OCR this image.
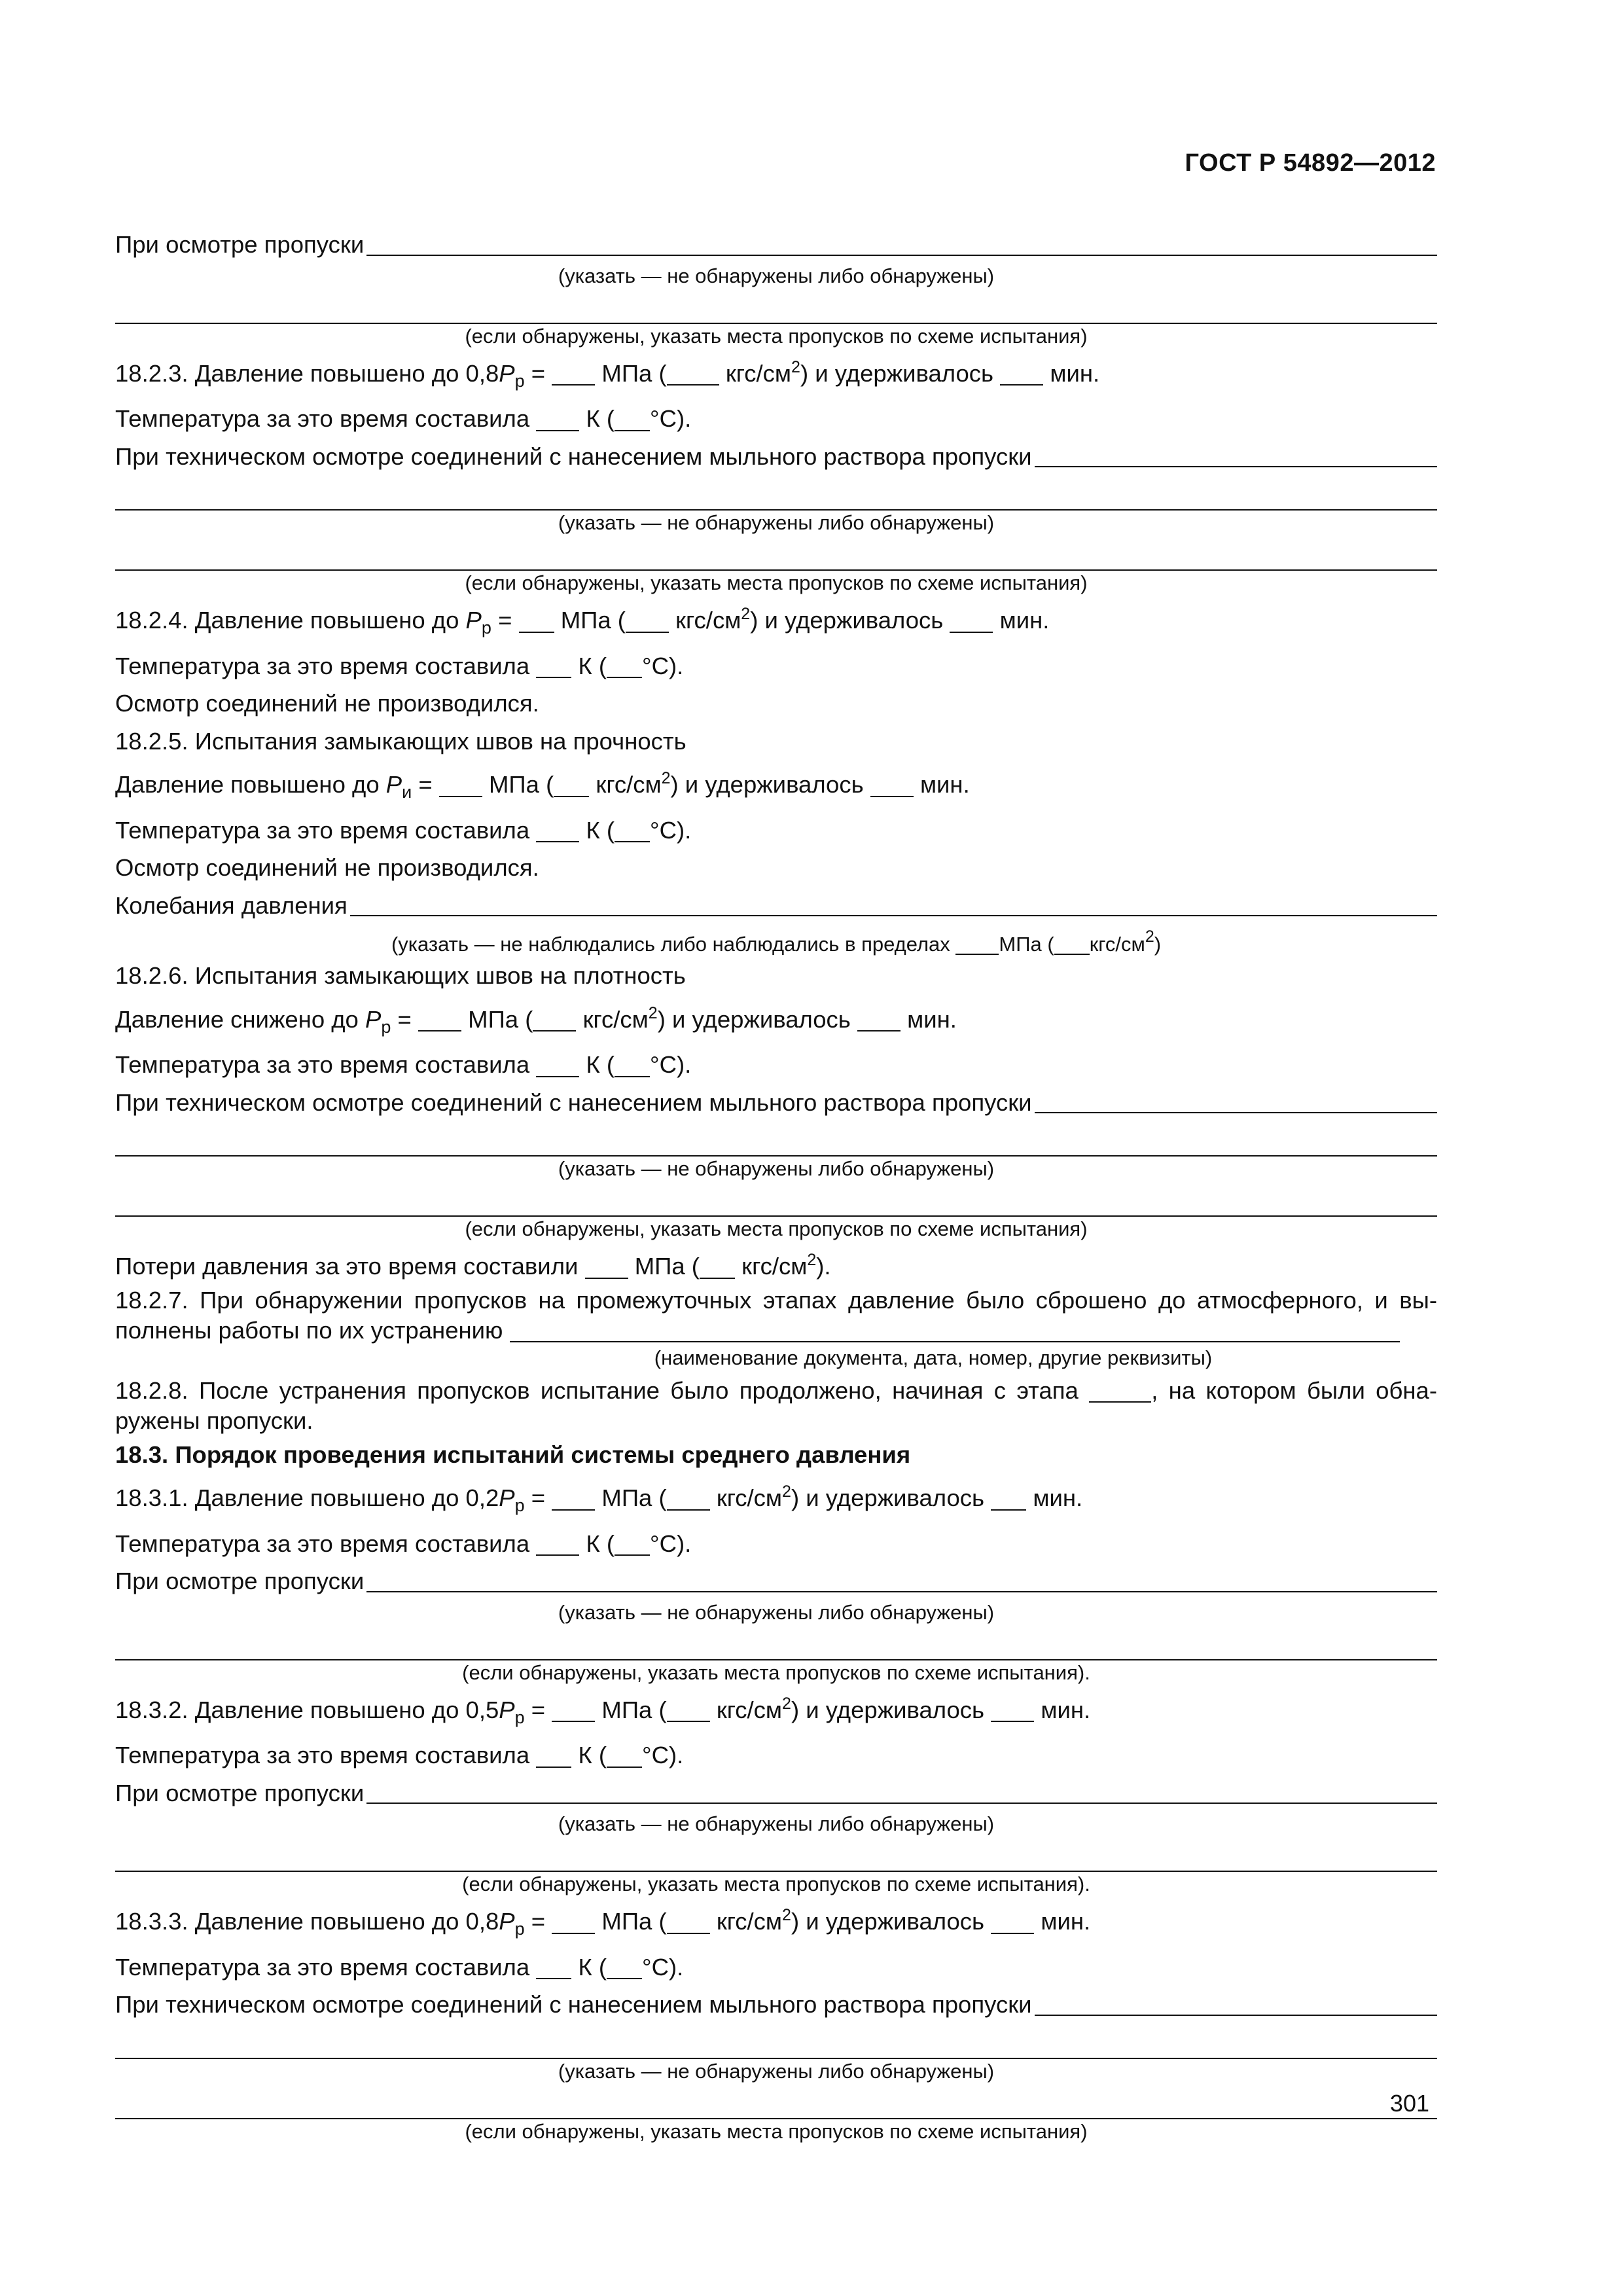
ГОСТ Р 54892—2012
При осмотре пропуски
(указать — не обнаружены либо обнаружены)
(если обнаружены, указать места пропусков по схеме испытания)
18.2.3. Давление повышено до $0,8P_р$ =  МПа ( кгс/$см^2$) и удерживалось мин.
Температура за это время составила К ( °С).
При техническом осмотре соединений с нанесением мыльного раствора пропуски
(указать — не обнаружены либо обнаружены)
(если обнаружены, указать места пропусков по схеме испытания)
18.2.4. Давление повышено до $P_р$ =  МПа ( кгс/$см^2$) и удерживалось мин.
Температура за это время составила К ( °С).
Осмотр соединений не производился.
18.2.5. Испытания замыкающих швов на прочность
Давление повышено до $P_и$ =  МПа ( кгс/$см^2$) и удерживалось мин.
Температура за это время составила К ( °С).
Осмотр соединений не производился.
Колебания давления
(указать — не наблюдались либо наблюдались в пределах МПа ( кгс/$см^2$)
18.2.6. Испытания замыкающих швов на плотность
Давление снижено до $P_р$ =  МПа ( кгс/$см^2$) и удерживалось мин.
Температура за это время составила К ( °С).
При техническом осмотре соединений с нанесением мыльного раствора пропуски
(указать — не обнаружены либо обнаружены)
(если обнаружены, указать места пропусков по схеме испытания)
Потери давления за это время составили МПа ( кгс/$см^2$).
18.2.7. При обнаружении пропусков на промежуточных этапах давление было сброшено до атмосферного, и вы-полнены работы по их устранению
(наименование документа, дата, номер, другие реквизиты)
18.2.8. После устранения пропусков испытание было продолжено, начиная с этапа	, на котором были обна-ружены пропуски.
18.3. Порядок проведения испытаний системы среднего давления
18.3.1. Давление повышено до $0,2P_р$ =  МПа ( кгс/$см^2$) и удерживалось мин.
Температура за это время составила К ( °С).
При осмотре пропуски
(указать — не обнаружены либо обнаружены)
(если обнаружены, указать места пропусков по схеме испытания).
18.3.2. Давление повышено до $0,5P_р$ =  МПа ( кгс/$см^2$) и удерживалось мин.
Температура за это время составила К ( °С).
При осмотре пропуски
(указать — не обнаружены либо обнаружены)
(если обнаружены, указать места пропусков по схеме испытания).
18.3.3. Давление повышено до $0,8P_р$ =  МПа ( кгс/$см^2$) и удерживалось мин.
Температура за это время составила К ( °С).
При техническом осмотре соединений с нанесением мыльного раствора пропуски
(указать — не обнаружены либо обнаружены)
(если обнаружены, указать места пропусков по схеме испытания)
301
